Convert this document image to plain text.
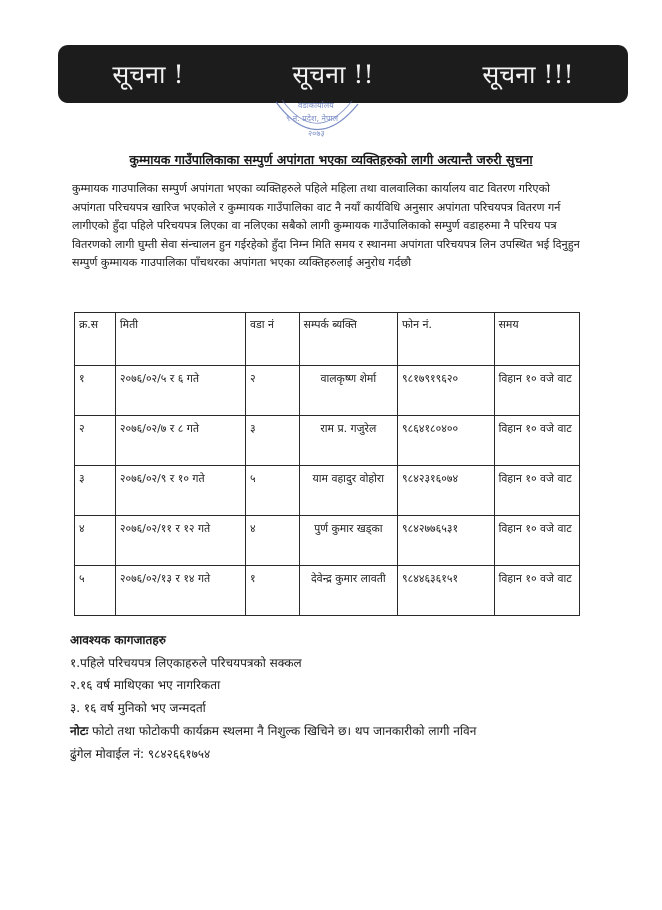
सूचना !	सूचना !!	सूचना !!!
वडाकार्यालय
९ नं. प्रदेश, नेपाल
२०७३
कुम्मायक गाउँपालिकाका सम्पुर्ण अपांगता भएका व्यक्तिहरुको लागी अत्यान्तै जरुरी सुचना
कुम्मायक गाउपालिका सम्पुर्ण अपांगता भएका व्यक्तिहरुले पहिले महिला तथा वालवालिका कार्यालय वाट वितरण गरिएको अपांगता परिचयपत्र खारिज भएकोले र कुम्मायक गाउँपालिका वाट नै नयाँ कार्यविधि अनुसार अपांगता परिचयपत्र वितरण गर्न लागीएको हुँदा पहिले परिचयपत्र लिएका वा नलिएका सबैको लागी कुम्मायक गाउँपालिकाको सम्पुर्ण वडाहरुमा नै परिचय पत्र वितरणको लागी घुम्ती सेवा संन्चालन हुन गईरहेको हुँदा निम्न मिति समय र स्थानमा अपांगता परिचयपत्र लिन उपस्थित भई दिनुहुन सम्पुर्ण कुम्मायक गाउपालिका पाँचथरका अपांगता भएका व्यक्तिहरुलाई अनुरोध गर्दछौ
क्र.स	मिती	वडा नं	सम्पर्क ब्यक्ति	फोन नं.	समय
१	२०७६/०२/५ र ६ गते	२	वालकृष्ण शेर्मा	९८१७९१९६२०	विहान १० वजे वाट
२	२०७६/०२/७ र ८ गते	३	राम प्र. गजुरेल	९८६४१८०४००	विहान १० वजे वाट
३	२०७६/०२/९ र १० गते	५	याम वहादुर वोहोरा	९८४२३१६०७४	विहान १० वजे वाट
४	२०७६/०२/११ र १२ गते	४	पुर्ण कुमार खड्का	९८४२७७६५३१	विहान १० वजे वाट
५	२०७६/०२/१३ र १४ गते	१	देवेन्द्र कुमार लावती	९८४४६३६१५१	विहान १० वजे वाट
आवश्यक कागजातहरु
१.पहिले परिचयपत्र लिएकाहरुले परिचयपत्रको सक्कल
२.१६ वर्ष माथिएका भए नागरिकता
३. १६ वर्ष मुनिको भए जन्मदर्ता
नोटः फोटो तथा फोटोकपी कार्यक्रम स्थलमा नै निशुल्क खिचिने छ। थप जानकारीको लागी नविन
ढुंगेल मोवाईल नं: ९८४२६६१७५४
